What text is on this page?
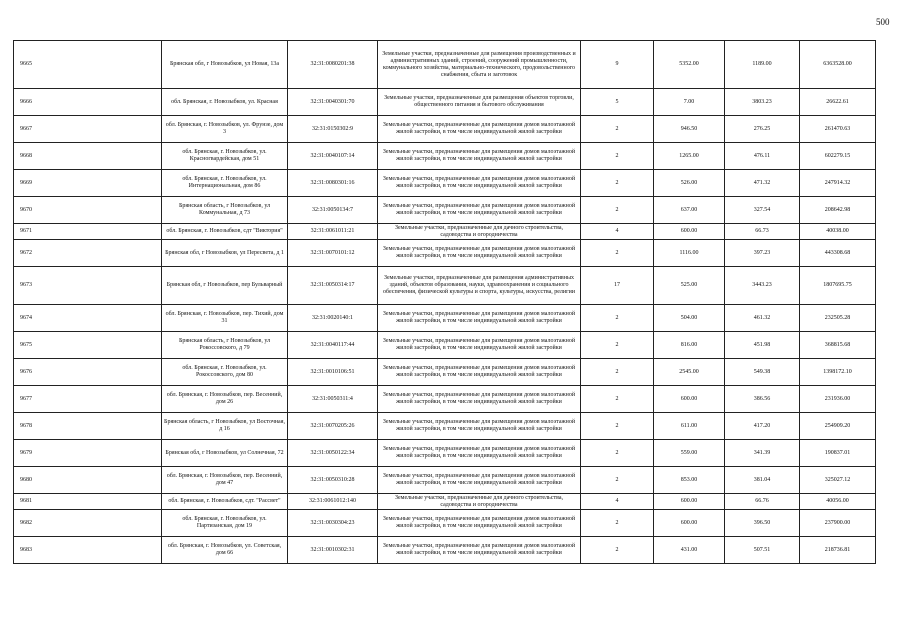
500
9665	Брянская обл, г Новозыбков, ул Новая, 13а	32:31:0080201:38	Земельные участки, предназначенные для размещения производственных и административных зданий, строений, сооружений промышленности, коммунального хозяйства, материально-технического, продовольственного снабжения, сбыта и заготовок	9	5352.00	1189.00	6363528.00
9666	обл. Брянская, г. Новозыбков, ул. Красная	32:31:0040301:70	Земельные участки, предназначенные для размещения объектов торговли, общественного питания и бытового обслуживания	5	7.00	3803.23	26622.61
9667	обл. Брянская, г. Новозыбков, ул. Фрунзе, дом 3	32:31:0150302:9	Земельные участки, предназначенные для размещения домов малоэтажной жилой застройки, в том числе индивидуальной жилой застройки	2	946.50	276.25	261470.63
9668	обл. Брянская, г. Новозыбков, ул. Красногвардейская, дом 51	32:31:0040107:14	Земельные участки, предназначенные для размещения домов малоэтажной жилой застройки, в том числе индивидуальной жилой застройки	2	1265.00	476.11	602279.15
9669	обл. Брянская, г. Новозыбков, ул. Интернациональная, дом 86	32:31:0080301:16	Земельные участки, предназначенные для размещения домов малоэтажной жилой застройки, в том числе индивидуальной жилой застройки	2	526.00	471.32	247914.32
9670	Брянская область, г Новозыбков, ул Коммунальная, д 73	32:31:0050134:7	Земельные участки, предназначенные для размещения домов малоэтажной жилой застройки, в том числе индивидуальной жилой застройки	2	637.00	327.54	208642.98
9671	обл. Брянская, г. Новозыбков, сдт "Виктория"	32:31:0061011:21	Земельные участки, предназначенные для дачного строительства, садоводства и огородничества	4	600.00	66.73	40038.00
9672	Брянская обл, г Новозыбков, ул Пересвета, д 1	32:31:0070101:12	Земельные участки, предназначенные для размещения домов малоэтажной жилой застройки, в том числе индивидуальной жилой застройки	2	1116.00	397.23	443308.68
9673	Брянская обл, г Новозыбков, пер Бульварный	32:31:0050314:17	Земельные участки, предназначенные для размещения административных зданий, объектов образования, науки, здравоохранения и социального обеспечения, физической культуры и спорта, культуры, искусства, религии	17	525.00	3443.23	1807695.75
9674	обл. Брянская, г. Новозыбков, пер. Тихий, дом 31	32:31:0020140:1	Земельные участки, предназначенные для размещения домов малоэтажной жилой застройки, в том числе индивидуальной жилой застройки	2	504.00	461.32	232505.28
9675	Брянская область, г Новозыбков, ул Рокоссовского, д 79	32:31:0040117:44	Земельные участки, предназначенные для размещения домов малоэтажной жилой застройки, в том числе индивидуальной жилой застройки	2	816.00	451.98	368815.68
9676	обл. Брянская, г. Новозыбков, ул. Рокоссовского, дом 80	32:31:0010106:51	Земельные участки, предназначенные для размещения домов малоэтажной жилой застройки, в том числе индивидуальной жилой застройки	2	2545.00	549.38	1398172.10
9677	обл. Брянская, г. Новозыбков, пер. Весенний, дом 26	32:31:0050311:4	Земельные участки, предназначенные для размещения домов малоэтажной жилой застройки, в том числе индивидуальной жилой застройки	2	600.00	386.56	231936.00
9678	Брянская область, г Новозыбков, ул Восточная, д 16	32:31:0070205:26	Земельные участки, предназначенные для размещения домов малоэтажной жилой застройки, в том числе индивидуальной жилой застройки	2	611.00	417.20	254909.20
9679	Брянская обл, г Новозыбков, ул Солнечная, 72	32:31:0050122:34	Земельные участки, предназначенные для размещения домов малоэтажной жилой застройки, в том числе индивидуальной жилой застройки	2	559.00	341.39	190837.01
9680	обл. Брянская, г. Новозыбков, пер. Весенний, дом 47	32:31:0050310:28	Земельные участки, предназначенные для размещения домов малоэтажной жилой застройки, в том числе индивидуальной жилой застройки	2	853.00	381.04	325027.12
9681	обл. Брянская, г. Новозыбков, сдт. "Рассвет"	32:31:0061012:140	Земельные участки, предназначенные для дачного строительства, садоводства и огородничества	4	600.00	66.76	40056.00
9682	обл. Брянская, г. Новозыбков, ул. Партизанская, дом 19	32:31:0030304:23	Земельные участки, предназначенные для размещения домов малоэтажной жилой застройки, в том числе индивидуальной жилой застройки	2	600.00	396.50	237900.00
9683	обл. Брянская, г. Новозыбков, ул. Советская, дом 66	32:31:0010302:31	Земельные участки, предназначенные для размещения домов малоэтажной жилой застройки, в том числе индивидуальной жилой застройки	2	431.00	507.51	218736.81
